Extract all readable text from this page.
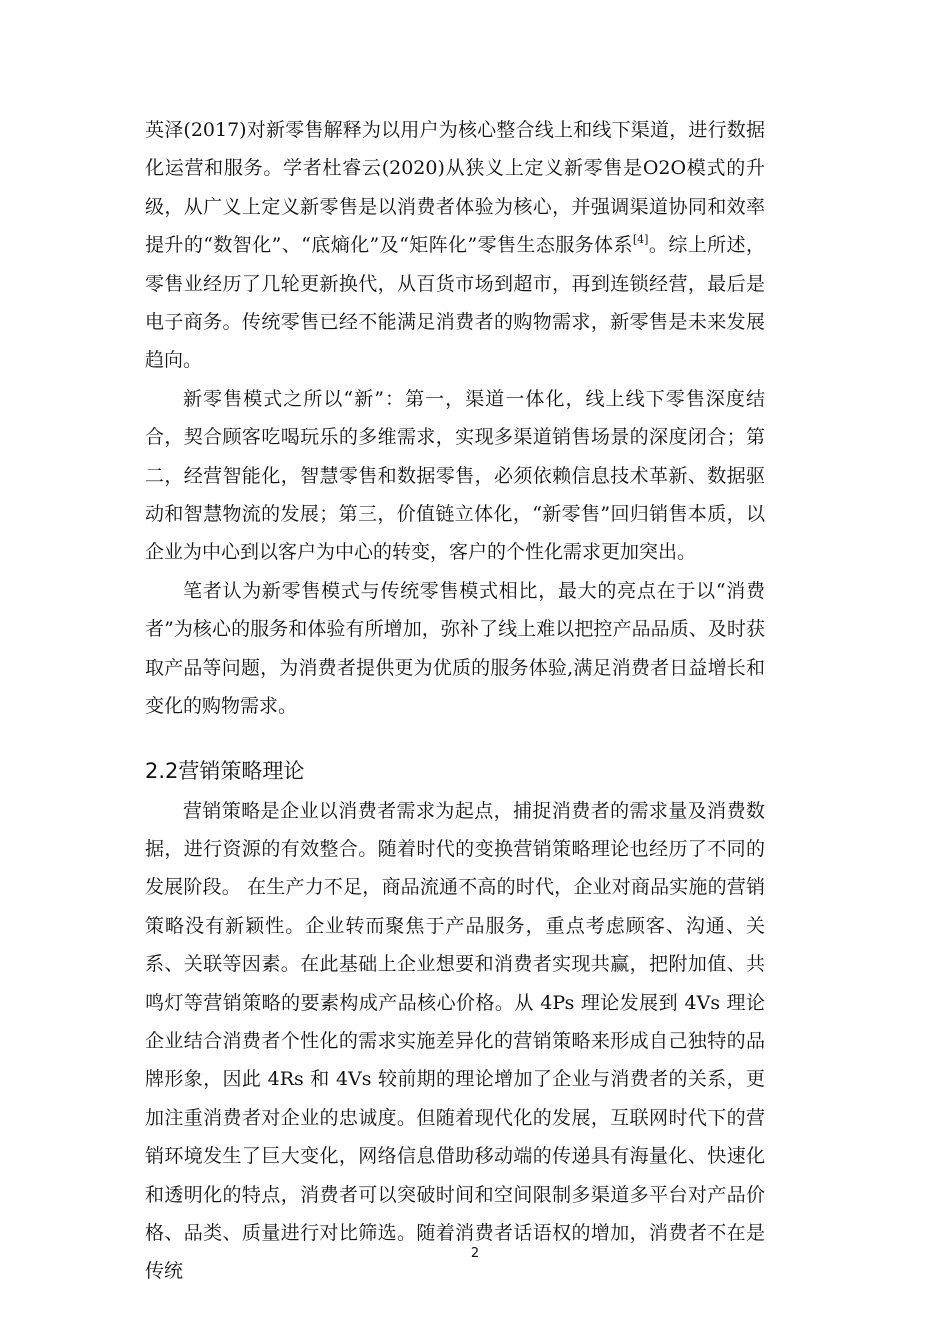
英泽(2017)对新零售解释为以用户为核心整合线上和线下渠道，进行数据化运营和服务。学者杜睿云(2020)从狭义上定义新零售是O2O模式的升级，从广义上定义新零售是以消费者体验为核心，并强调渠道协同和效率提升的“数智化”、“底熵化”及“矩阵化”零售生态服务体系[4]。综上所述，零售业经历了几轮更新换代，从百货市场到超市，再到连锁经营，最后是电子商务。传统零售已经不能满足消费者的购物需求，新零售是未来发展趋向。

新零售模式之所以“新”：第一，渠道一体化，线上线下零售深度结合，契合顾客吃喝玩乐的多维需求，实现多渠道销售场景的深度闭合；第二，经营智能化，智慧零售和数据零售，必须依赖信息技术革新、数据驱动和智慧物流的发展；第三，价值链立体化，“新零售”回归销售本质，以企业为中心到以客户为中心的转变，客户的个性化需求更加突出。

笔者认为新零售模式与传统零售模式相比，最大的亮点在于以“消费者”为核心的服务和体验有所增加，弥补了线上难以把控产品品质、及时获取产品等问题，为消费者提供更为优质的服务体验,满足消费者日益增长和变化的购物需求。

2.2营销策略理论

营销策略是企业以消费者需求为起点，捕捉消费者的需求量及消费数据，进行资源的有效整合。随着时代的变换营销策略理论也经历了不同的发展阶段。 在生产力不足，商品流通不高的时代，企业对商品实施的营销策略没有新颖性。企业转而聚焦于产品服务，重点考虑顾客、沟通、关系、关联等因素。在此基础上企业想要和消费者实现共赢，把附加值、共鸣灯等营销策略的要素构成产品核心价格。从 4Ps 理论发展到 4Vs 理论企业结合消费者个性化的需求实施差异化的营销策略来形成自己独特的品牌形象，因此 4Rs 和 4Vs 较前期的理论增加了企业与消费者的关系，更加注重消费者对企业的忠诚度。但随着现代化的发展，互联网时代下的营销环境发生了巨大变化，网络信息借助移动端的传递具有海量化、快速化和透明化的特点，消费者可以突破时间和空间限制多渠道多平台对产品价格、品类、质量进行对比筛选。随着消费者话语权的增加，消费者不在是传统

2
